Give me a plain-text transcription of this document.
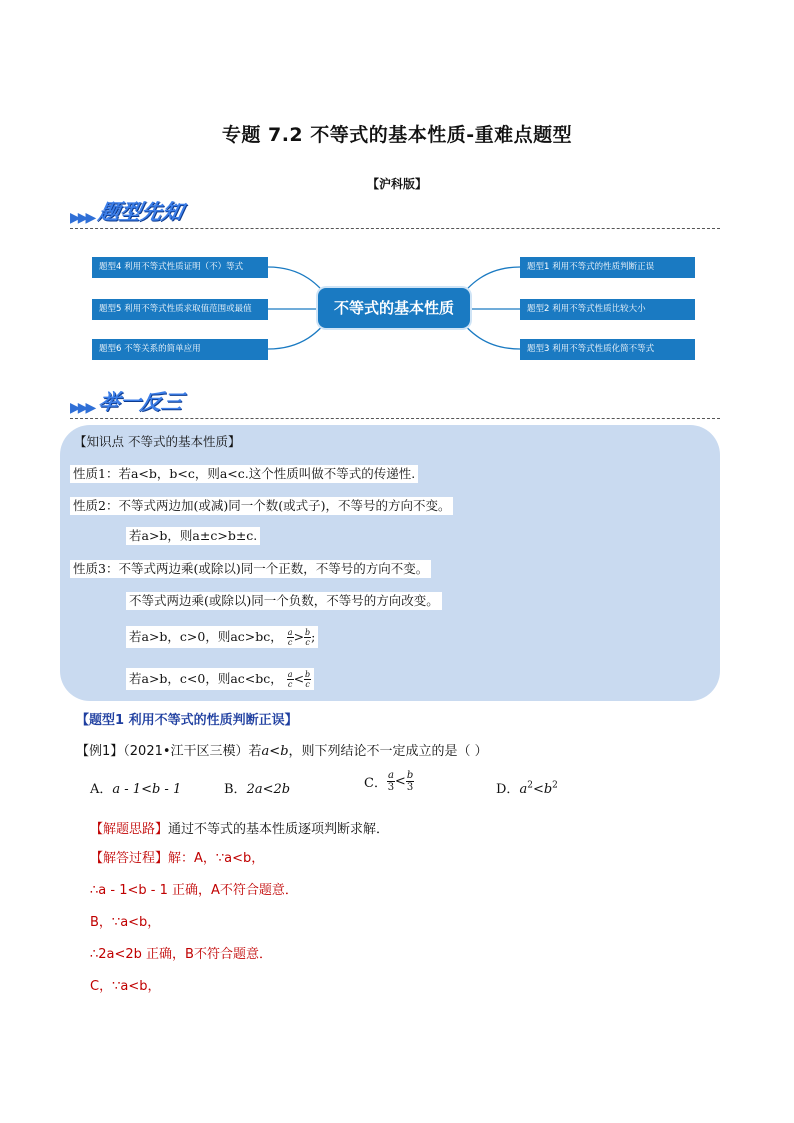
专题 7.2 不等式的基本性质-重难点题型
【沪科版】
▶▶▶ 题型先知
题型4 利用不等式性质证明（不）等式
题型5 利用不等式性质求取值范围或最值
题型6 不等关系的简单应用
不等式的基本性质
题型1 利用不等式的性质判断正误
题型2 利用不等式性质比较大小
题型3 利用不等式性质化简不等式
▶▶▶ 举一反三
【知识点 不等式的基本性质】
性质1：若a<b，b<c，则a<c.这个性质叫做不等式的传递性.
性质2：不等式两边加(或减)同一个数(或式子)，不等号的方向不变。
若a>b，则a±c>b±c.
性质3：不等式两边乘(或除以)同一个正数，不等号的方向不变。
不等式两边乘(或除以)同一个负数，不等号的方向改变。
若a>b，c>0，则ac>bc， $\frac{a}{c} > \frac{b}{c}$ ;
若a>b，c<0，则ac<bc， $\frac{a}{c} < \frac{b}{c}$
【题型1 利用不等式的性质判断正误】
【例1】（2021•江干区三模）若a<b，则下列结论不一定成立的是（ ）
A．a - 1<b - 1	B．2a<2b	C． $\frac{a}{3} < \frac{b}{3}$	D．$a^2<b^2$
【解题思路】通过不等式的基本性质逐项判断求解．
【解答过程】解：A，∵a<b，
∴a - 1<b - 1 正确，A不符合题意．
B，∵a<b，
∴2a<2b 正确，B不符合题意．
C，∵a<b，
